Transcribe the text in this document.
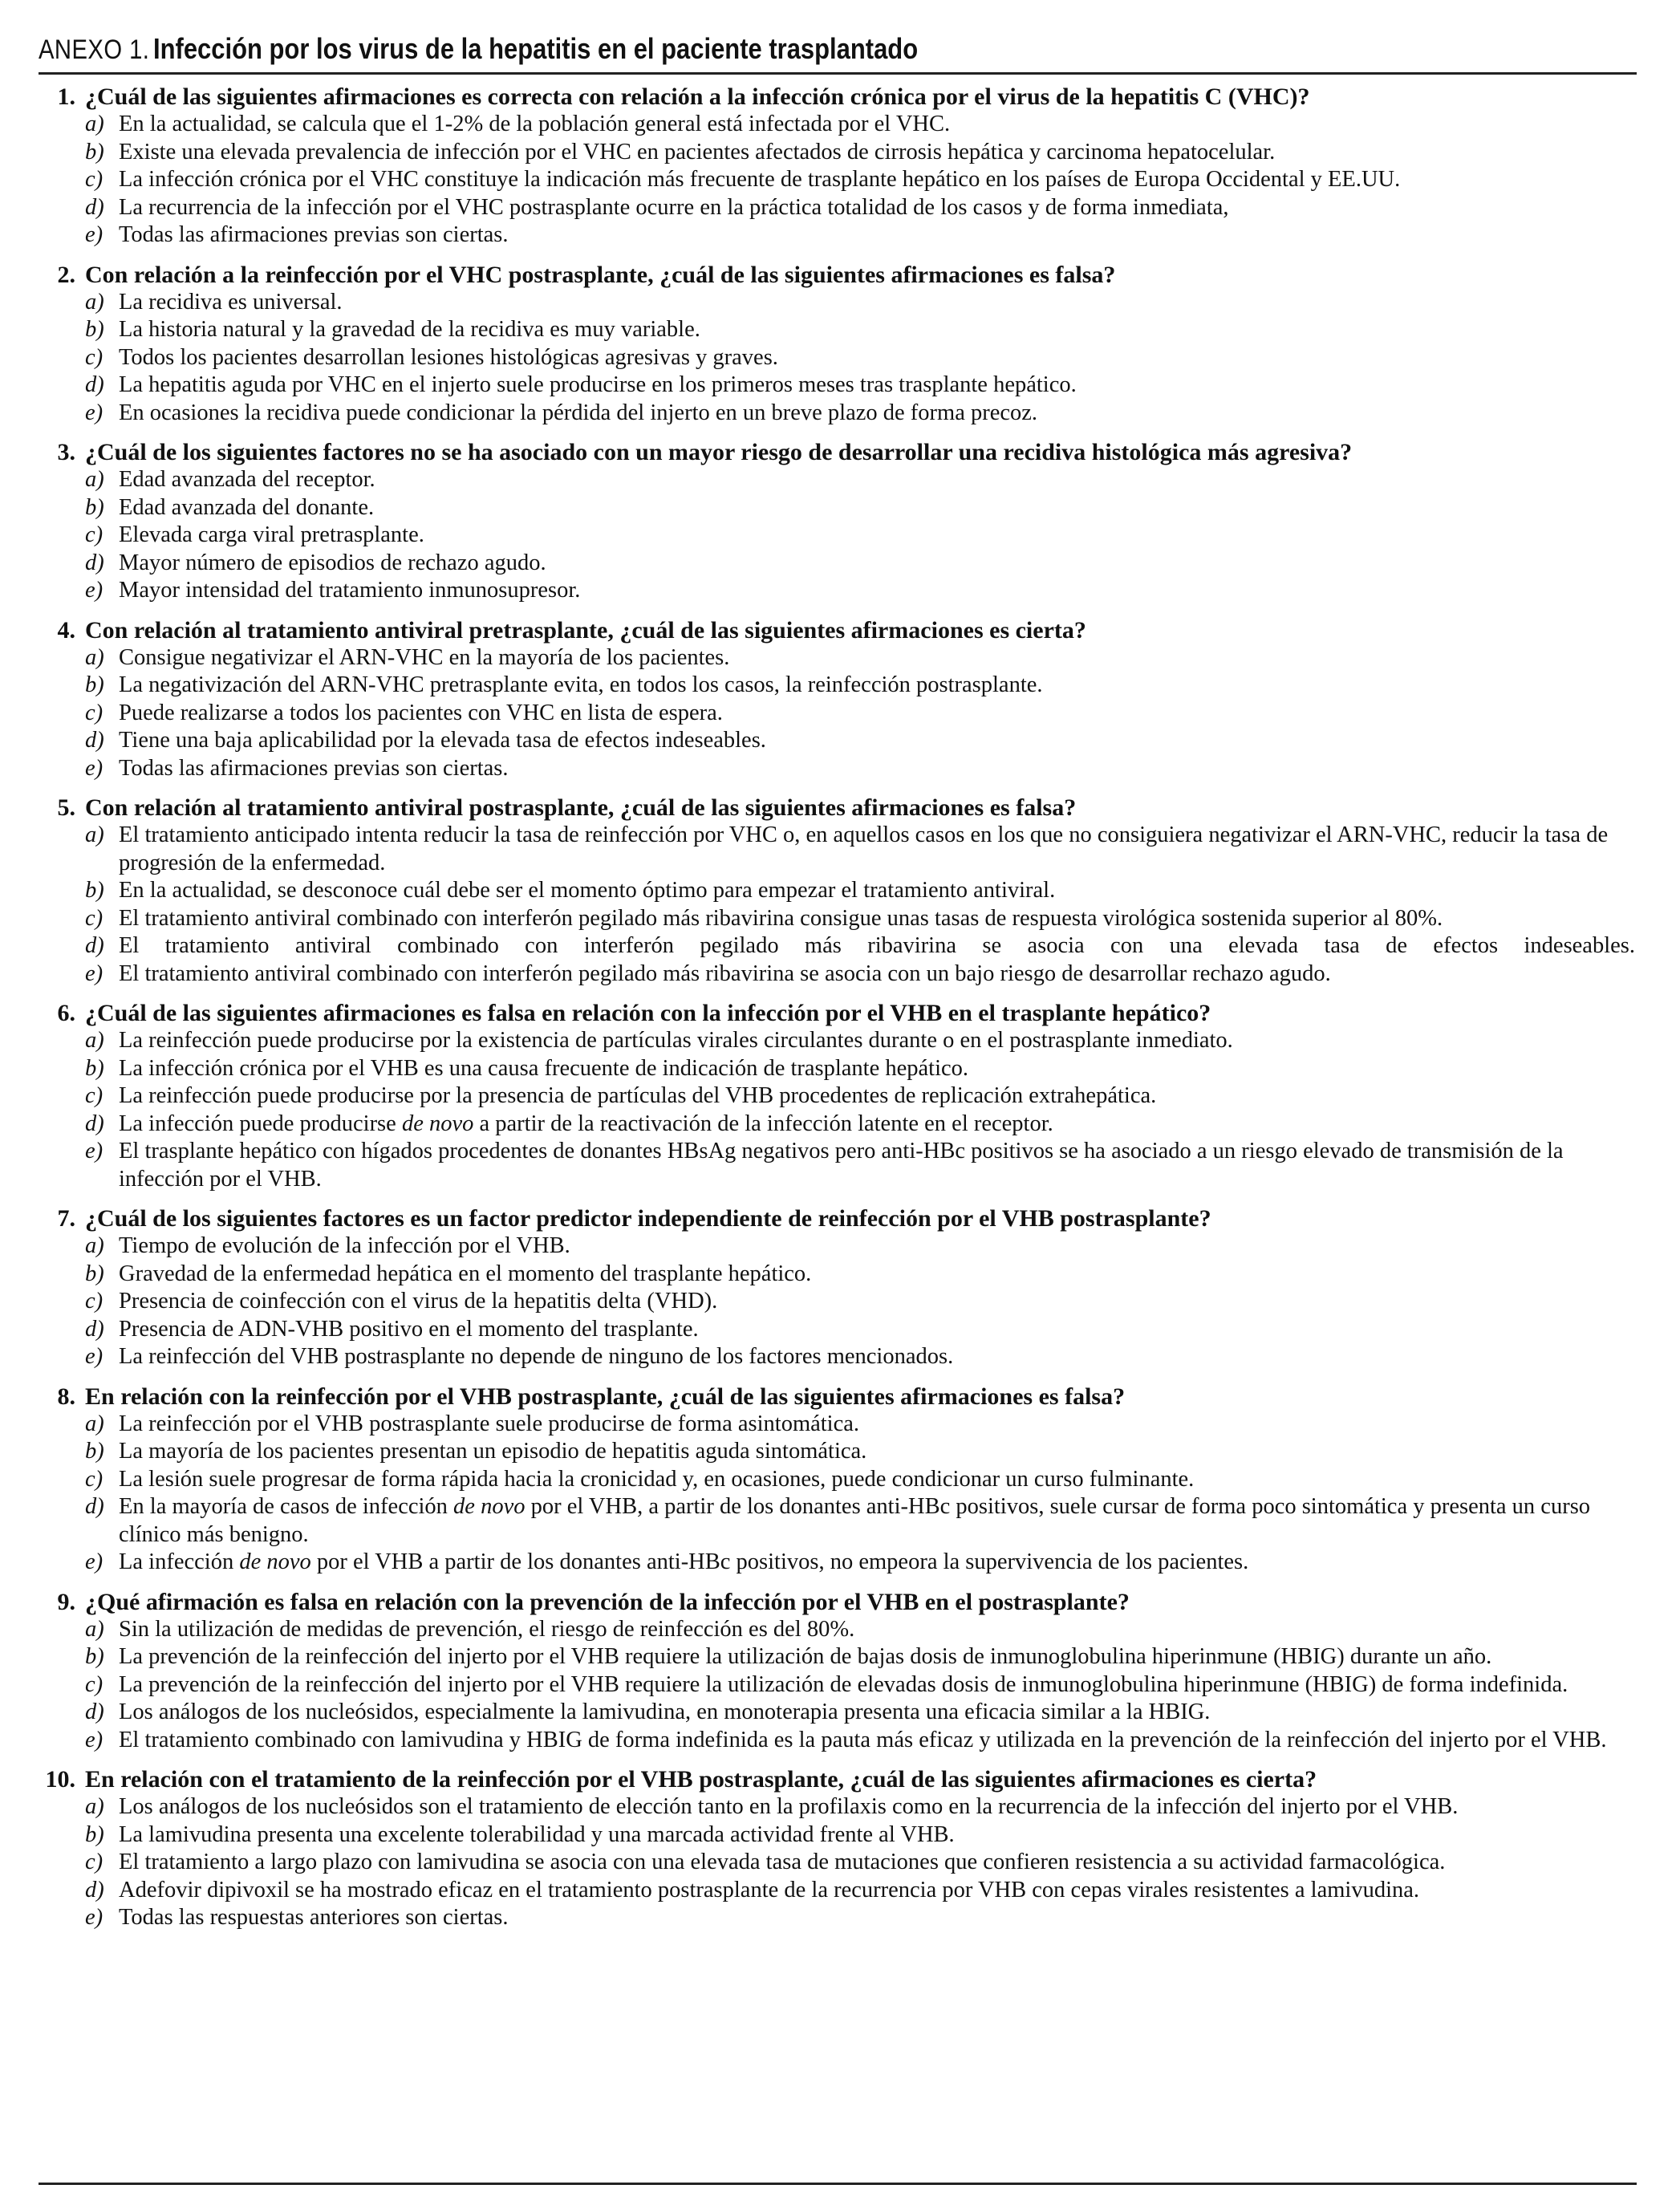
ANEXO 1. Infección por los virus de la hepatitis en el paciente trasplantado
1. ¿Cuál de las siguientes afirmaciones es correcta con relación a la infección crónica por el virus de la hepatitis C (VHC)?
a) En la actualidad, se calcula que el 1-2% de la población general está infectada por el VHC.
b) Existe una elevada prevalencia de infección por el VHC en pacientes afectados de cirrosis hepática y carcinoma hepatocelular.
c) La infección crónica por el VHC constituye la indicación más frecuente de trasplante hepático en los países de Europa Occidental y EE.UU.
d) La recurrencia de la infección por el VHC postrasplante ocurre en la práctica totalidad de los casos y de forma inmediata,
e) Todas las afirmaciones previas son ciertas.
2. Con relación a la reinfección por el VHC postrasplante, ¿cuál de las siguientes afirmaciones es falsa?
a) La recidiva es universal.
b) La historia natural y la gravedad de la recidiva es muy variable.
c) Todos los pacientes desarrollan lesiones histológicas agresivas y graves.
d) La hepatitis aguda por VHC en el injerto suele producirse en los primeros meses tras trasplante hepático.
e) En ocasiones la recidiva puede condicionar la pérdida del injerto en un breve plazo de forma precoz.
3. ¿Cuál de los siguientes factores no se ha asociado con un mayor riesgo de desarrollar una recidiva histológica más agresiva?
a) Edad avanzada del receptor.
b) Edad avanzada del donante.
c) Elevada carga viral pretrasplante.
d) Mayor número de episodios de rechazo agudo.
e) Mayor intensidad del tratamiento inmunosupresor.
4. Con relación al tratamiento antiviral pretrasplante, ¿cuál de las siguientes afirmaciones es cierta?
a) Consigue negativizar el ARN-VHC en la mayoría de los pacientes.
b) La negativización del ARN-VHC pretrasplante evita, en todos los casos, la reinfección postrasplante.
c) Puede realizarse a todos los pacientes con VHC en lista de espera.
d) Tiene una baja aplicabilidad por la elevada tasa de efectos indeseables.
e) Todas las afirmaciones previas son ciertas.
5. Con relación al tratamiento antiviral postrasplante, ¿cuál de las siguientes afirmaciones es falsa?
a) El tratamiento anticipado intenta reducir la tasa de reinfección por VHC o, en aquellos casos en los que no consiguiera negativizar el ARN-VHC, reducir la tasa de progresión de la enfermedad.
b) En la actualidad, se desconoce cuál debe ser el momento óptimo para empezar el tratamiento antiviral.
c) El tratamiento antiviral combinado con interferón pegilado más ribavirina consigue unas tasas de respuesta virológica sostenida superior al 80%.
d) El tratamiento antiviral combinado con interferón pegilado más ribavirina se asocia con una elevada tasa de efectos indeseables.
e) El tratamiento antiviral combinado con interferón pegilado más ribavirina se asocia con un bajo riesgo de desarrollar rechazo agudo.
6. ¿Cuál de las siguientes afirmaciones es falsa en relación con la infección por el VHB en el trasplante hepático?
a) La reinfección puede producirse por la existencia de partículas virales circulantes durante o en el postrasplante inmediato.
b) La infección crónica por el VHB es una causa frecuente de indicación de trasplante hepático.
c) La reinfección puede producirse por la presencia de partículas del VHB procedentes de replicación extrahepática.
d) La infección puede producirse de novo a partir de la reactivación de la infección latente en el receptor.
e) El trasplante hepático con hígados procedentes de donantes HBsAg negativos pero anti-HBc positivos se ha asociado a un riesgo elevado de transmisión de la infección por el VHB.
7. ¿Cuál de los siguientes factores es un factor predictor independiente de reinfección por el VHB postrasplante?
a) Tiempo de evolución de la infección por el VHB.
b) Gravedad de la enfermedad hepática en el momento del trasplante hepático.
c) Presencia de coinfección con el virus de la hepatitis delta (VHD).
d) Presencia de ADN-VHB positivo en el momento del trasplante.
e) La reinfección del VHB postrasplante no depende de ninguno de los factores mencionados.
8. En relación con la reinfección por el VHB postrasplante, ¿cuál de las siguientes afirmaciones es falsa?
a) La reinfección por el VHB postrasplante suele producirse de forma asintomática.
b) La mayoría de los pacientes presentan un episodio de hepatitis aguda sintomática.
c) La lesión suele progresar de forma rápida hacia la cronicidad y, en ocasiones, puede condicionar un curso fulminante.
d) En la mayoría de casos de infección de novo por el VHB, a partir de los donantes anti-HBc positivos, suele cursar de forma poco sintomática y presenta un curso clínico más benigno.
e) La infección de novo por el VHB a partir de los donantes anti-HBc positivos, no empeora la supervivencia de los pacientes.
9. ¿Qué afirmación es falsa en relación con la prevención de la infección por el VHB en el postrasplante?
a) Sin la utilización de medidas de prevención, el riesgo de reinfección es del 80%.
b) La prevención de la reinfección del injerto por el VHB requiere la utilización de bajas dosis de inmunoglobulina hiperinmune (HBIG) durante un año.
c) La prevención de la reinfección del injerto por el VHB requiere la utilización de elevadas dosis de inmunoglobulina hiperinmune (HBIG) de forma indefinida.
d) Los análogos de los nucleósidos, especialmente la lamivudina, en monoterapia presenta una eficacia similar a la HBIG.
e) El tratamiento combinado con lamivudina y HBIG de forma indefinida es la pauta más eficaz y utilizada en la prevención de la reinfección del injerto por el VHB.
10. En relación con el tratamiento de la reinfección por el VHB postrasplante, ¿cuál de las siguientes afirmaciones es cierta?
a) Los análogos de los nucleósidos son el tratamiento de elección tanto en la profilaxis como en la recurrencia de la infección del injerto por el VHB.
b) La lamivudina presenta una excelente tolerabilidad y una marcada actividad frente al VHB.
c) El tratamiento a largo plazo con lamivudina se asocia con una elevada tasa de mutaciones que confieren resistencia a su actividad farmacológica.
d) Adefovir dipivoxil se ha mostrado eficaz en el tratamiento postrasplante de la recurrencia por VHB con cepas virales resistentes a lamivudina.
e) Todas las respuestas anteriores son ciertas.
